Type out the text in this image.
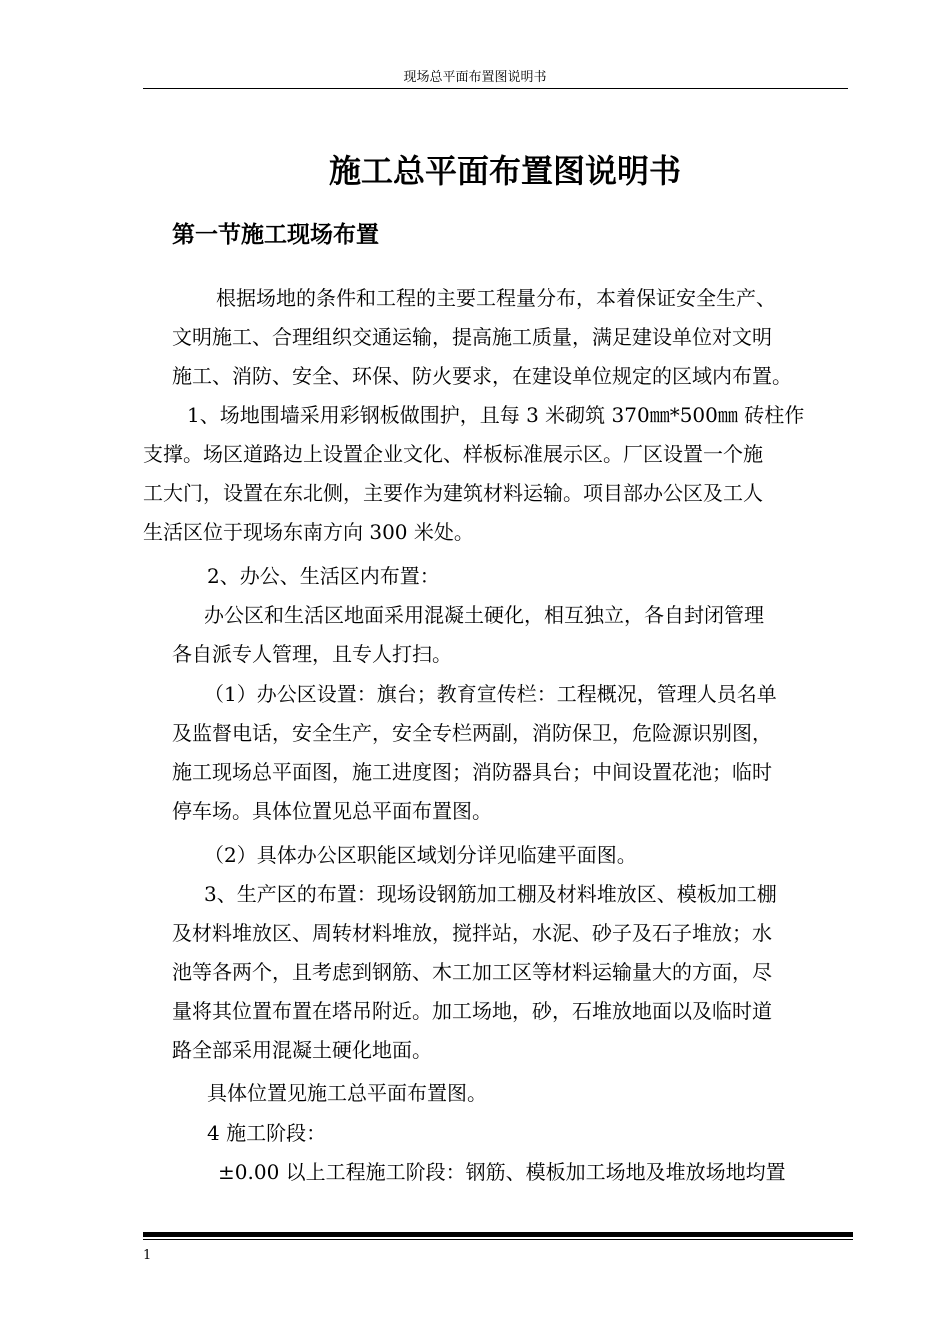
现场总平面布置图说明书
施工总平面布置图说明书
第一节施工现场布置

根据场地的条件和工程的主要工程量分布，本着保证安全生产、
文明施工、合理组织交通运输，提高施工质量，满足建设单位对文明
施工、消防、安全、环保、防火要求，在建设单位规定的区域内布置。

1、场地围墙采用彩钢板做围护，且每 3 米砌筑 370㎜*500㎜ 砖柱作
支撑。场区道路边上设置企业文化、样板标准展示区。厂区设置一个施
工大门，设置在东北侧，主要作为建筑材料运输。项目部办公区及工人
生活区位于现场东南方向 300 米处。

2、办公、生活区内布置：

办公区和生活区地面采用混凝土硬化，相互独立，各自封闭管理
各自派专人管理，且专人打扫。

（1）办公区设置：旗台；教育宣传栏：工程概况，管理人员名单
及监督电话，安全生产，安全专栏两副，消防保卫，危险源识别图，
施工现场总平面图，施工进度图；消防器具台；中间设置花池；临时
停车场。具体位置见总平面布置图。

（2）具体办公区职能区域划分详见临建平面图。

3、生产区的布置：现场设钢筋加工棚及材料堆放区、模板加工棚
及材料堆放区、周转材料堆放，搅拌站，水泥、砂子及石子堆放；水
池等各两个，且考虑到钢筋、木工加工区等材料运输量大的方面，尽
量将其位置布置在塔吊附近。加工场地，砂，石堆放地面以及临时道
路全部采用混凝土硬化地面。

具体位置见施工总平面布置图。

4 施工阶段：

±0.00 以上工程施工阶段：钢筋、模板加工场地及堆放场地均置

1
